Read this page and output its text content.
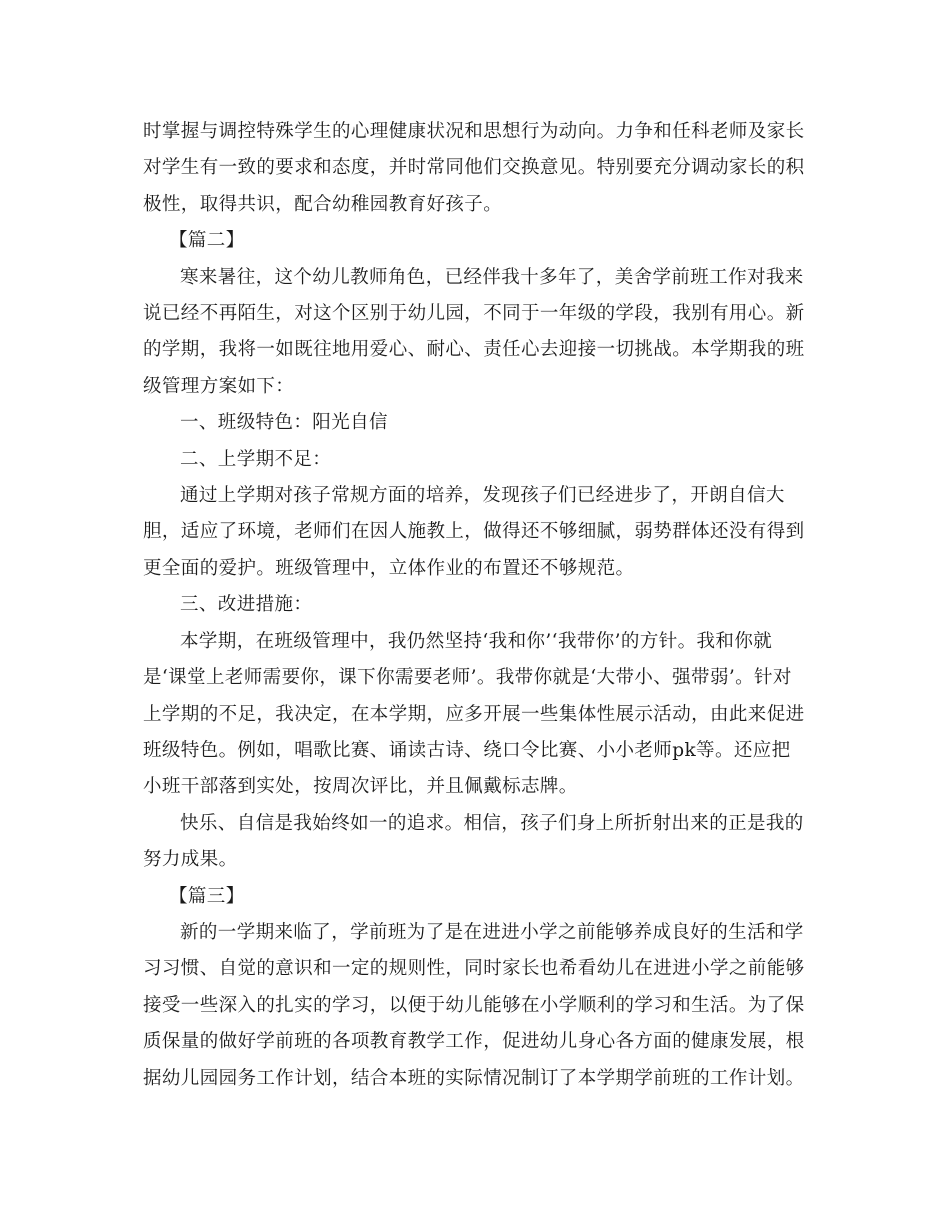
时掌握与调控特殊学生的心理健康状况和思想行为动向。力争和任科老师及家长对学生有一致的要求和态度，并时常同他们交换意见。特别要充分调动家长的积极性，取得共识，配合幼稚园教育好孩子。

【篇二】

寒来暑往，这个幼儿教师角色，已经伴我十多年了，美舍学前班工作对我来说已经不再陌生，对这个区别于幼儿园，不同于一年级的学段，我别有用心。新的学期，我将一如既往地用爱心、耐心、责任心去迎接一切挑战。本学期我的班级管理方案如下：

一、班级特色：阳光自信

二、上学期不足：

通过上学期对孩子常规方面的培养，发现孩子们已经进步了，开朗自信大胆，适应了环境，老师们在因人施教上，做得还不够细腻，弱势群体还没有得到更全面的爱护。班级管理中，立体作业的布置还不够规范。

三、改进措施：

本学期，在班级管理中，我仍然坚持‘我和你’‘我带你’的方针。我和你就是‘课堂上老师需要你，课下你需要老师’。我带你就是‘大带小、强带弱’。针对上学期的不足，我决定，在本学期，应多开展一些集体性展示活动，由此来促进班级特色。例如，唱歌比赛、诵读古诗、绕口令比赛、小小老师pk等。还应把小班干部落到实处，按周次评比，并且佩戴标志牌。

快乐、自信是我始终如一的追求。相信，孩子们身上所折射出来的正是我的努力成果。

【篇三】

新的一学期来临了，学前班为了是在进进小学之前能够养成良好的生活和学习习惯、自觉的意识和一定的规则性，同时家长也希看幼儿在进进小学之前能够接受一些深入的扎实的学习，以便于幼儿能够在小学顺利的学习和生活。为了保质保量的做好学前班的各项教育教学工作，促进幼儿身心各方面的健康发展，根据幼儿园园务工作计划，结合本班的实际情况制订了本学期学前班的工作计划。
